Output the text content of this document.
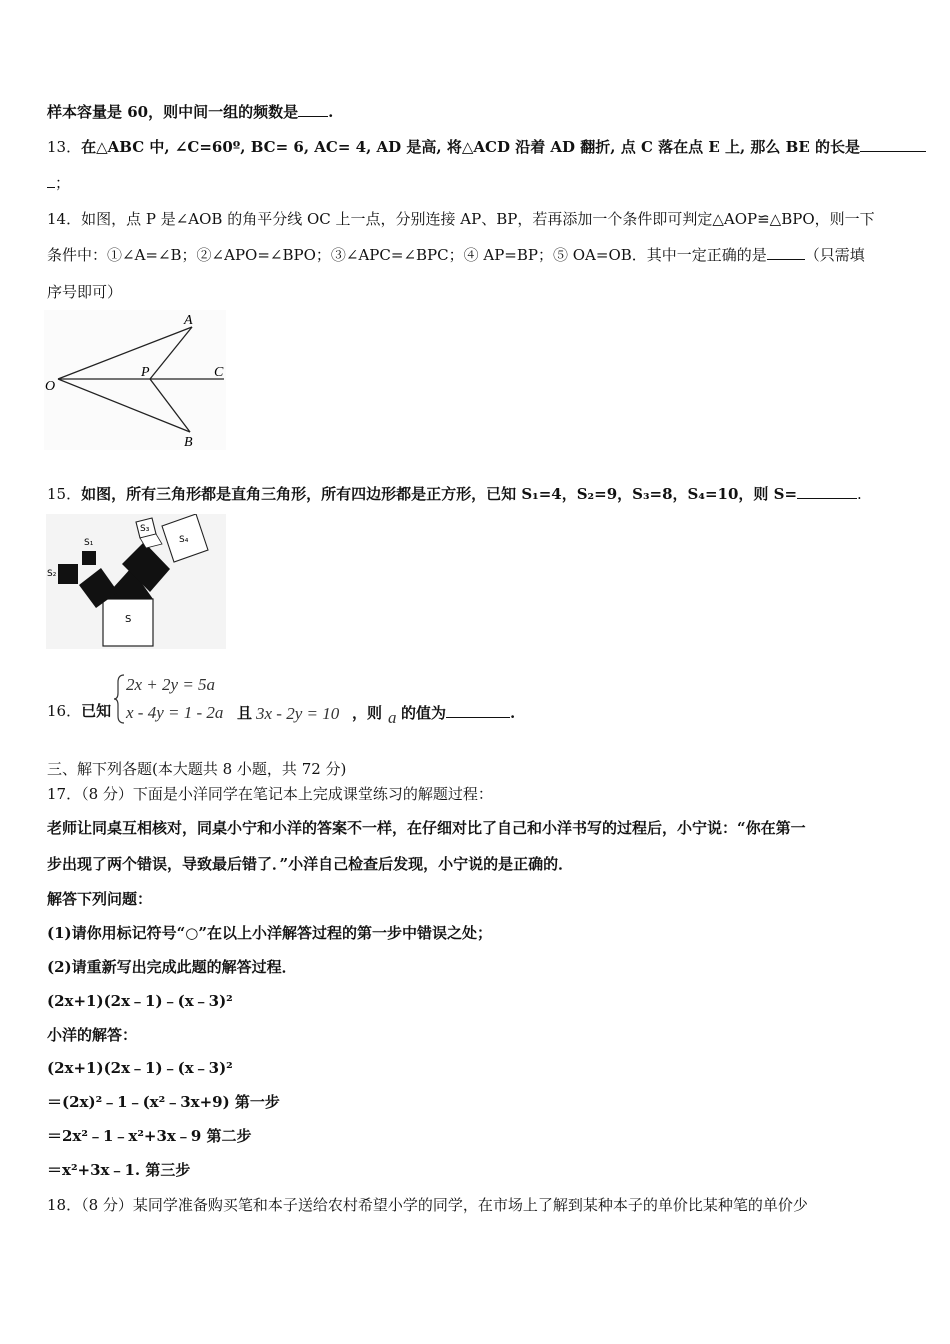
样本容量是 60，则中间一组的频数是 .
13．在△ABC 中, ∠C=60º, BC= 6, AC= 4, AD 是高, 将△ACD 沿着 AD 翻折, 点 C 落在点 E 上, 那么 BE 的长是
；
14．如图，点 P 是∠AOB 的角平分线 OC 上一点，分别连接 AP、BP，若再添加一个条件即可判定△AOP≌△BPO，则一下
条件中：①∠A=∠B；②∠APO=∠BPO；③∠APC=∠BPC；④ AP=BP；⑤ OA=OB．其中一定正确的是	（只需填
序号即可）
A
O
P	C
B
15．如图，所有三角形都是直角三角形，所有四边形都是正方形，已知 S₁=4，S₂=9，S₃=8，S₄=10，则 S=	.
S₁
S₂
S₃
S₄
S
16．已知
2x + 2y = 5a
x - 4y = 1 - 2a 且 3x - 2y = 10 ，则 a 的值为	.
三、解下列各题(本大题共 8 小题，共 72 分)
17．（8 分）下面是小洋同学在笔记本上完成课堂练习的解题过程：
老师让同桌互相核对，同桌小宁和小洋的答案不一样，在仔细对比了自己和小洋书写的过程后，小宁说：“你在第一
步出现了两个错误，导致最后错了．”小洋自己检查后发现，小宁说的是正确的．
解答下列问题：
(1)请你用标记符号“○”在以上小洋解答过程的第一步中错误之处；
(2)请重新写出完成此题的解答过程．
(2x+1)(2x﹣1)﹣(x﹣3)²
小洋的解答：
(2x+1)(2x﹣1)﹣(x﹣3)²
＝(2x)²﹣1﹣(x²﹣3x+9) 第一步
＝2x²﹣1﹣x²+3x﹣9 第二步
＝x²+3x﹣1. 第三步
18．（8 分）某同学准备购买笔和本子送给农村希望小学的同学，在市场上了解到某种本子的单价比某种笔的单价少
